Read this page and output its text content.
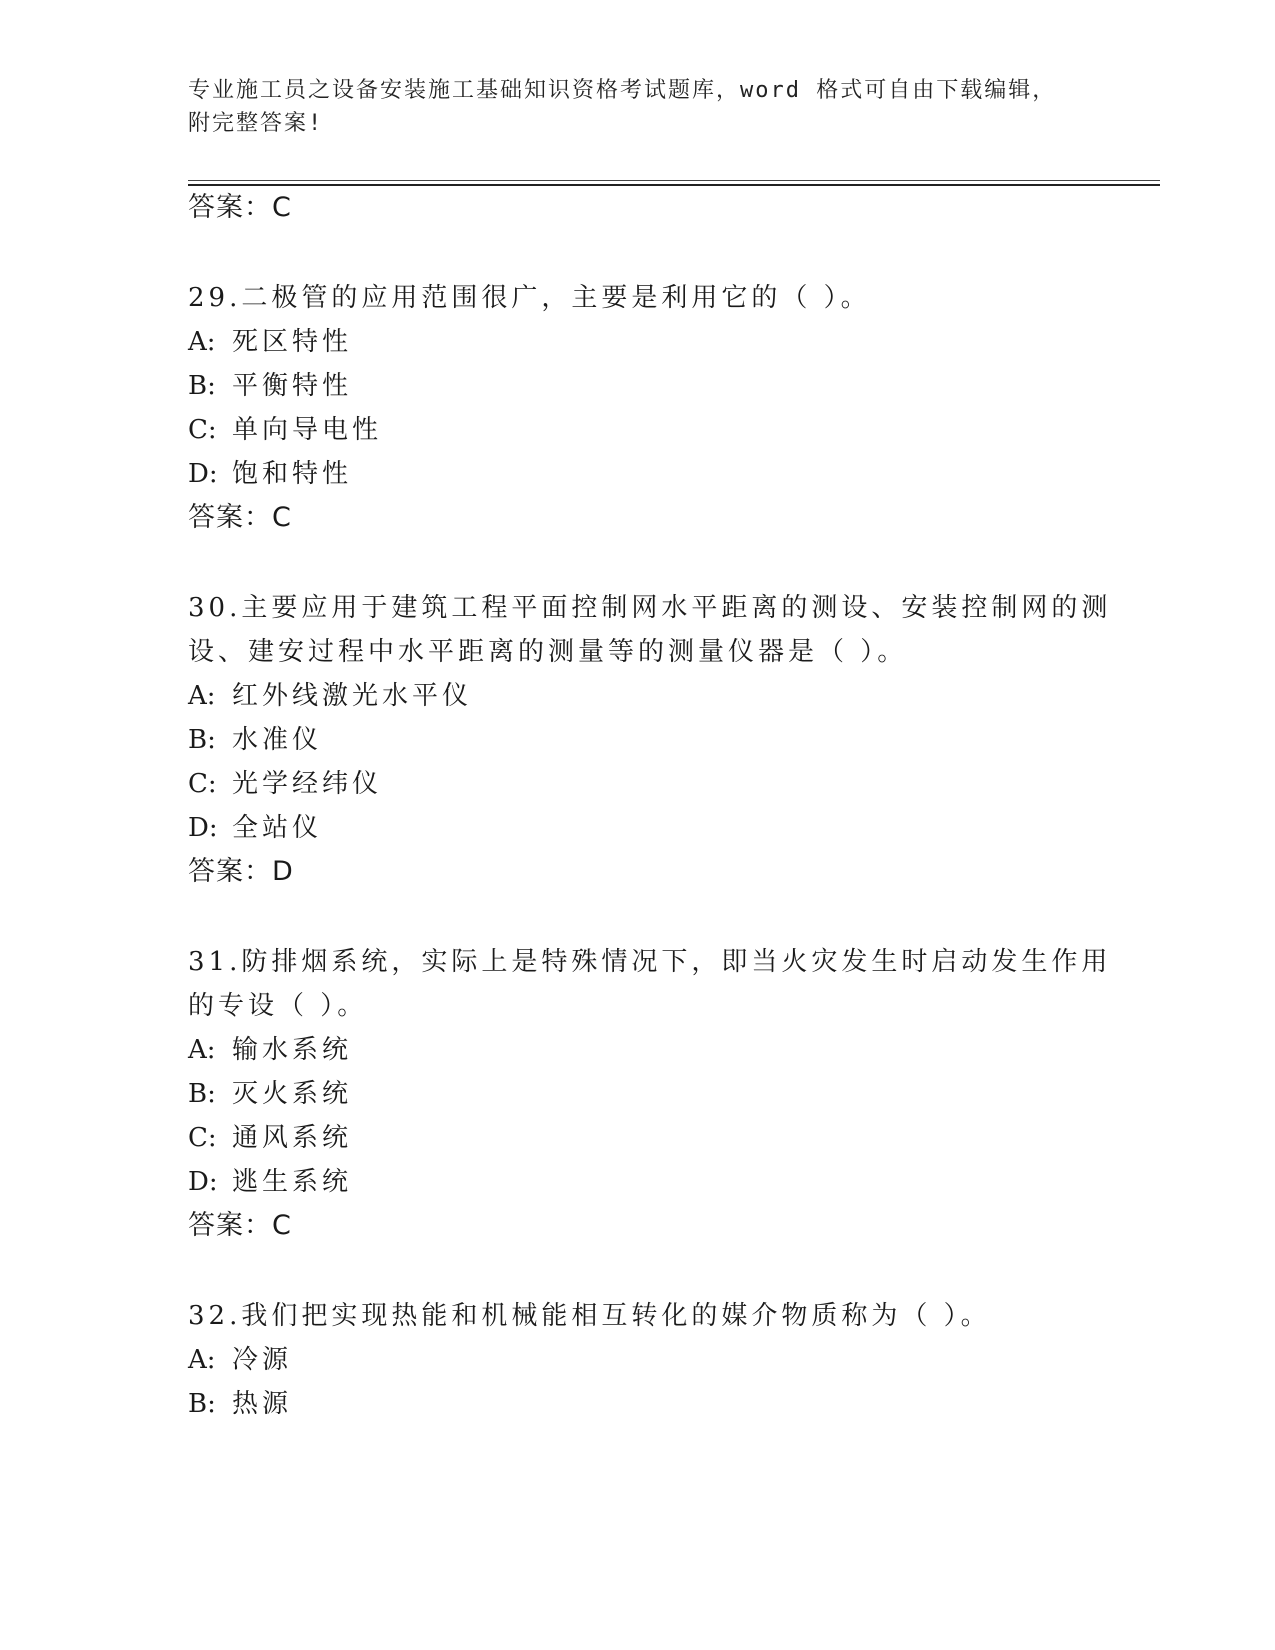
专业施工员之设备安装施工基础知识资格考试题库，word 格式可自由下载编辑，
附完整答案!
答案：C
29.二极管的应用范围很广，主要是利用它的（ ）。
A: 死区特性
B: 平衡特性
C: 单向导电性
D: 饱和特性
答案：C
30.主要应用于建筑工程平面控制网水平距离的测设、安装控制网的测
设、建安过程中水平距离的测量等的测量仪器是（ ）。
A: 红外线激光水平仪
B: 水准仪
C: 光学经纬仪
D: 全站仪
答案：D
31.防排烟系统，实际上是特殊情况下，即当火灾发生时启动发生作用
的专设（ ）。
A: 输水系统
B: 灭火系统
C: 通风系统
D: 逃生系统
答案：C
32.我们把实现热能和机械能相互转化的媒介物质称为（ ）。
A: 冷源
B: 热源
